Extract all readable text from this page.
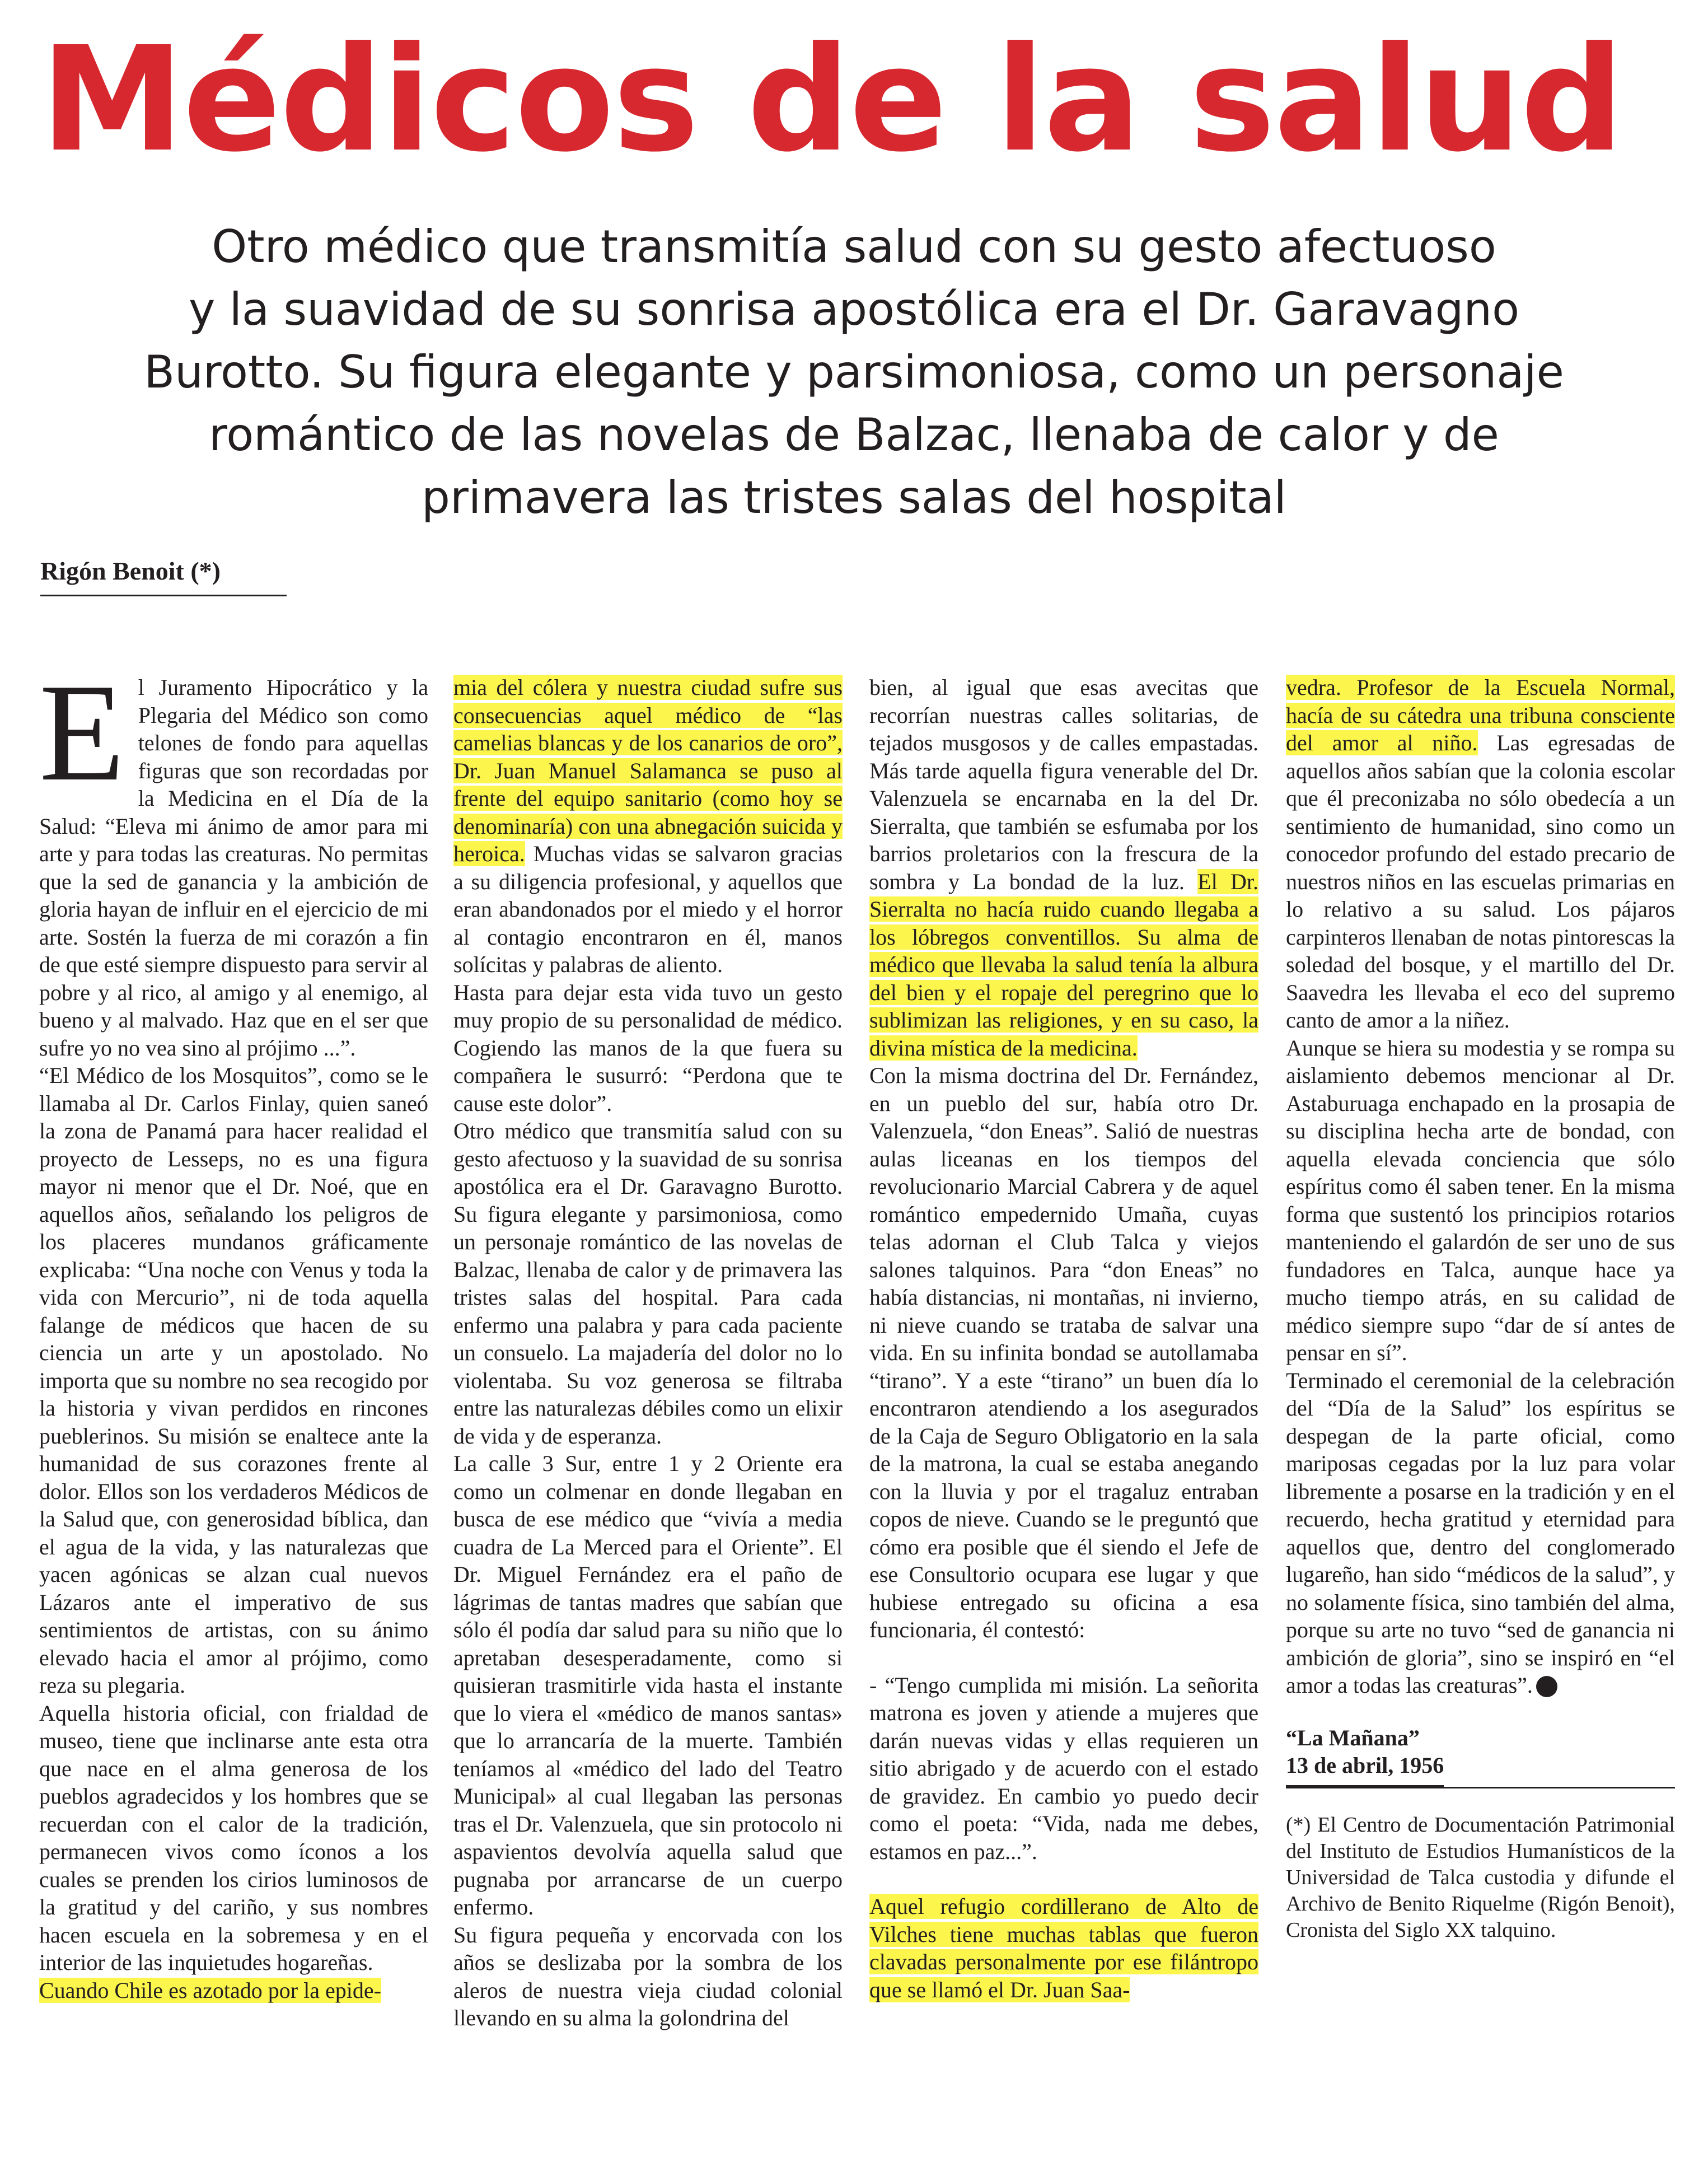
Médicos de la salud
Otro médico que transmitía salud con su gesto afectuoso
y la suavidad de su sonrisa apostólica era el Dr. Garavagno
Burotto. Su figura elegante y parsimoniosa, como un personaje
romántico de las novelas de Balzac, llenaba de calor y de
primavera las tristes salas del hospital
Rigón Benoit (*)

El Juramento Hipocrático y la Plegaria del Médico son como telones de fondo para aquellas figuras que son recordadas por la Medicina en el Día de la Salud: “Eleva mi ánimo de amor para mi arte y para todas las creaturas. No permitas que la sed de ganancia y la ambición de gloria hayan de influir en el ejercicio de mi arte. Sostén la fuerza de mi corazón a fin de que esté siempre dispuesto para servir al pobre y al rico, al amigo y al enemigo, al bueno y al malvado. Haz que en el ser que sufre yo no vea sino al prójimo ...”.

“El Médico de los Mosquitos”, como se le llamaba al Dr. Carlos Finlay, quien saneó la zona de Panamá para hacer realidad el proyecto de Lesseps, no es una figura mayor ni menor que el Dr. Noé, que en aquellos años, señalando los peligros de los placeres mundanos gráficamente explicaba: “Una noche con Venus y toda la vida con Mercurio”, ni de toda aquella falange de médicos que hacen de su ciencia un arte y un apostolado. No importa que su nombre no sea recogido por la historia y vivan perdidos en rincones pueblerinos. Su misión se enaltece ante la humanidad de sus corazones frente al dolor. Ellos son los verdaderos Médicos de la Salud que, con generosidad bíblica, dan el agua de la vida, y las naturalezas que yacen agónicas se alzan cual nuevos Lázaros ante el imperativo de sus sentimientos de artistas, con su ánimo elevado hacia el amor al prójimo, como reza su plegaria.

Aquella historia oficial, con frialdad de museo, tiene que inclinarse ante esta otra que nace en el alma generosa de los pueblos agradecidos y los hombres que se recuerdan con el calor de la tradición, permanecen vivos como íconos a los cuales se prenden los cirios luminosos de la gratitud y del cariño, y sus nombres hacen escuela en la sobremesa y en el interior de las inquietudes hogareñas.

Cuando Chile es azotado por la epide-

mia del cólera y nuestra ciudad sufre sus consecuencias aquel médico de “las camelias blancas y de los canarios de oro”, Dr. Juan Manuel Salamanca se puso al frente del equipo sanitario (como hoy se denominaría) con una abnegación suicida y heroica. Muchas vidas se salvaron gracias a su diligencia profesional, y aquellos que eran abandonados por el miedo y el horror al contagio encontraron en él, manos solícitas y palabras de aliento.

Hasta para dejar esta vida tuvo un gesto muy propio de su personalidad de médico. Cogiendo las manos de la que fuera su compañera le susurró: “Perdona que te cause este dolor”.

Otro médico que transmitía salud con su gesto afectuoso y la suavidad de su sonrisa apostólica era el Dr. Garavagno Burotto. Su figura elegante y parsimoniosa, como un personaje romántico de las novelas de Balzac, llenaba de calor y de primavera las tristes salas del hospital. Para cada enfermo una palabra y para cada paciente un consuelo. La majadería del dolor no lo violentaba. Su voz generosa se filtraba entre las naturalezas débiles como un elixir de vida y de esperanza.

La calle 3 Sur, entre 1 y 2 Oriente era como un colmenar en donde llegaban en busca de ese médico que “vivía a media cuadra de La Merced para el Oriente”. El Dr. Miguel Fernández era el paño de lágrimas de tantas madres que sabían que sólo él podía dar salud para su niño que lo apretaban desesperadamente, como si quisieran trasmitirle vida hasta el instante que lo viera el «médico de manos santas» que lo arrancaría de la muerte. También teníamos al «médico del lado del Teatro Municipal» al cual llegaban las personas tras el Dr. Valenzuela, que sin protocolo ni aspavientos devolvía aquella salud que pugnaba por arrancarse de un cuerpo enfermo.

Su figura pequeña y encorvada con los años se deslizaba por la sombra de los aleros de nuestra vieja ciudad colonial llevando en su alma la golondrina del

bien, al igual que esas avecitas que recorrían nuestras calles solitarias, de tejados musgosos y de calles empastadas. Más tarde aquella figura venerable del Dr. Valenzuela se encarnaba en la del Dr. Sierralta, que también se esfumaba por los barrios proletarios con la frescura de la sombra y La bondad de la luz. El Dr. Sierralta no hacía ruido cuando llegaba a los lóbregos conventillos. Su alma de médico que llevaba la salud tenía la albura del bien y el ropaje del peregrino que lo sublimizan las religiones, y en su caso, la divina mística de la medicina.

Con la misma doctrina del Dr. Fernández, en un pueblo del sur, había otro Dr. Valenzuela, “don Eneas”. Salió de nuestras aulas liceanas en los tiempos del revolucionario Marcial Cabrera y de aquel romántico empedernido Umaña, cuyas telas adornan el Club Talca y viejos salones talquinos. Para “don Eneas” no había distancias, ni montañas, ni invierno, ni nieve cuando se trataba de salvar una vida. En su infinita bondad se autollamaba “tirano”. Y a este “tirano” un buen día lo encontraron atendiendo a los asegurados de la Caja de Seguro Obligatorio en la sala de la matrona, la cual se estaba anegando con la lluvia y por el tragaluz entraban copos de nieve. Cuando se le preguntó que cómo era posible que él siendo el Jefe de ese Consultorio ocupara ese lugar y que hubiese entregado su oficina a esa funcionaria, él contestó:

- “Tengo cumplida mi misión. La señorita matrona es joven y atiende a mujeres que darán nuevas vidas y ellas requieren un sitio abrigado y de acuerdo con el estado de gravidez. En cambio yo puedo decir como el poeta: “Vida, nada me debes, estamos en paz...”.

Aquel refugio cordillerano de Alto de Vilches tiene muchas tablas que fueron clavadas personalmente por ese filántropo que se llamó el Dr. Juan Saa-

vedra. Profesor de la Escuela Normal, hacía de su cátedra una tribuna consciente del amor al niño. Las egresadas de aquellos años sabían que la colonia escolar que él preconizaba no sólo obedecía a un sentimiento de humanidad, sino como un conocedor profundo del estado precario de nuestros niños en las escuelas primarias en lo relativo a su salud. Los pájaros carpinteros llenaban de notas pintorescas la soledad del bosque, y el martillo del Dr. Saavedra les llevaba el eco del supremo canto de amor a la niñez.

Aunque se hiera su modestia y se rompa su aislamiento debemos mencionar al Dr. Astaburuaga enchapado en la prosapia de su disciplina hecha arte de bondad, con aquella elevada conciencia que sólo espíritus como él saben tener. En la misma forma que sustentó los principios rotarios manteniendo el galardón de ser uno de sus fundadores en Talca, aunque hace ya mucho tiempo atrás, en su calidad de médico siempre supo “dar de sí antes de pensar en sí”.

Terminado el ceremonial de la celebración del “Día de la Salud” los espíritus se despegan de la parte oficial, como mariposas cegadas por la luz para volar libremente a posarse en la tradición y en el recuerdo, hecha gratitud y eternidad para aquellos que, dentro del conglomerado lugareño, han sido “médicos de la salud”, y no solamente física, sino también del alma, porque su arte no tuvo “sed de ganancia ni ambición de gloria”, sino se inspiró en “el amor a todas las creaturas”.

“La Mañana”
13 de abril, 1956

(*) El Centro de Documentación Patrimonial del Instituto de Estudios Humanísticos de la Universidad de Talca custodia y difunde el Archivo de Benito Riquelme (Rigón Benoit), Cronista del Siglo XX talquino.
